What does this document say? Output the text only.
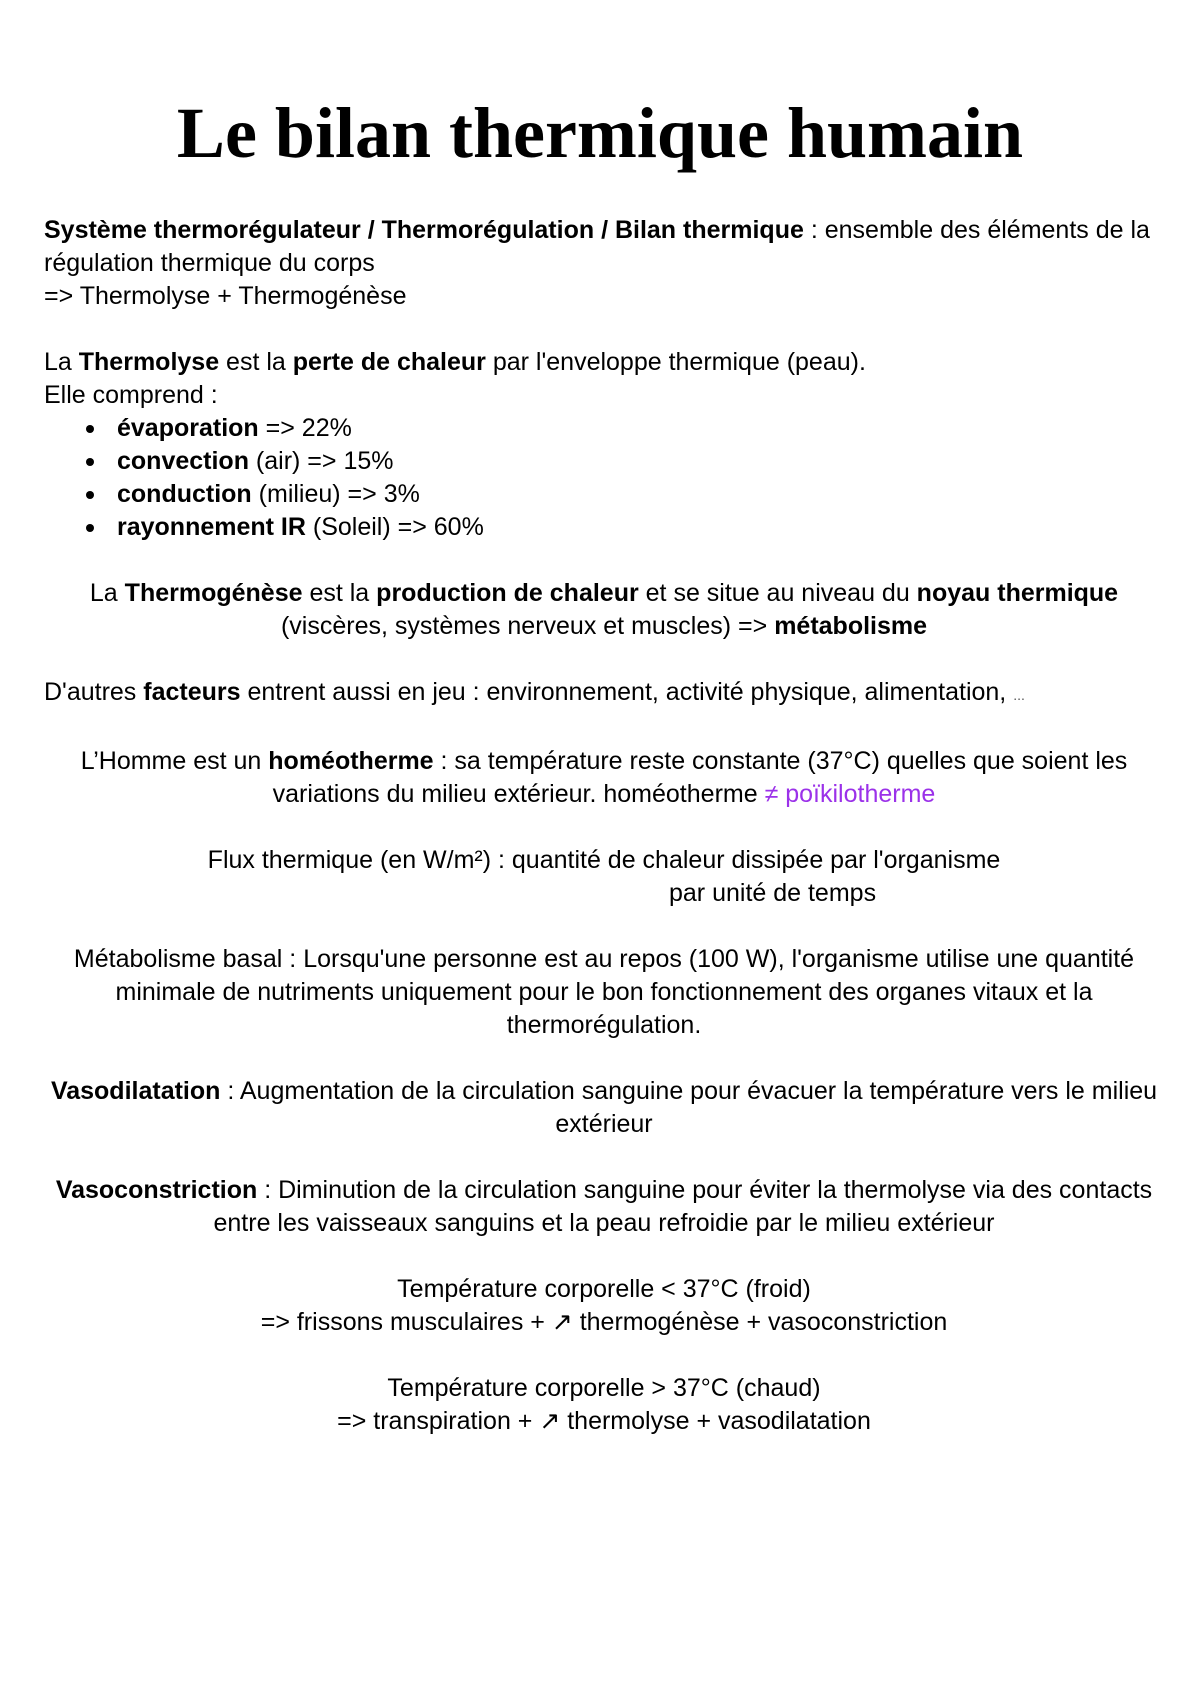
Le bilan thermique humain

Système thermorégulateur / Thermorégulation / Bilan thermique : ensemble des éléments de la régulation thermique du corps

=> Thermolyse + Thermogénèse

La Thermolyse est la perte de chaleur par l'enveloppe thermique (peau).

Elle comprend :

évaporation => 22%
convection (air) => 15%
conduction (milieu) => 3%
rayonnement IR (Soleil) => 60%

La Thermogénèse est la production de chaleur et se situe au niveau du noyau thermique (viscères, systèmes nerveux et muscles) => métabolisme

D'autres facteurs entrent aussi en jeu : environnement, activité physique, alimentation, ...

L’Homme est un homéotherme : sa température reste constante (37°C) quelles que soient les variations du milieu extérieur. homéotherme ≠ poïkilotherme

Flux thermique (en W/m²) : quantité de chaleur dissipée par l'organisme

par unité de temps

Métabolisme basal : Lorsqu'une personne est au repos (100 W), l'organisme utilise une quantité minimale de nutriments uniquement pour le bon fonctionnement des organes vitaux et la thermorégulation.

Vasodilatation : Augmentation de la circulation sanguine pour évacuer la température vers le milieu extérieur

Vasoconstriction : Diminution de la circulation sanguine pour éviter la thermolyse via des contacts entre les vaisseaux sanguins et la peau refroidie par le milieu extérieur

Température corporelle < 37°C (froid)

=> frissons musculaires + ↗ thermogénèse + vasoconstriction

Température corporelle > 37°C (chaud)

=> transpiration + ↗ thermolyse + vasodilatation
